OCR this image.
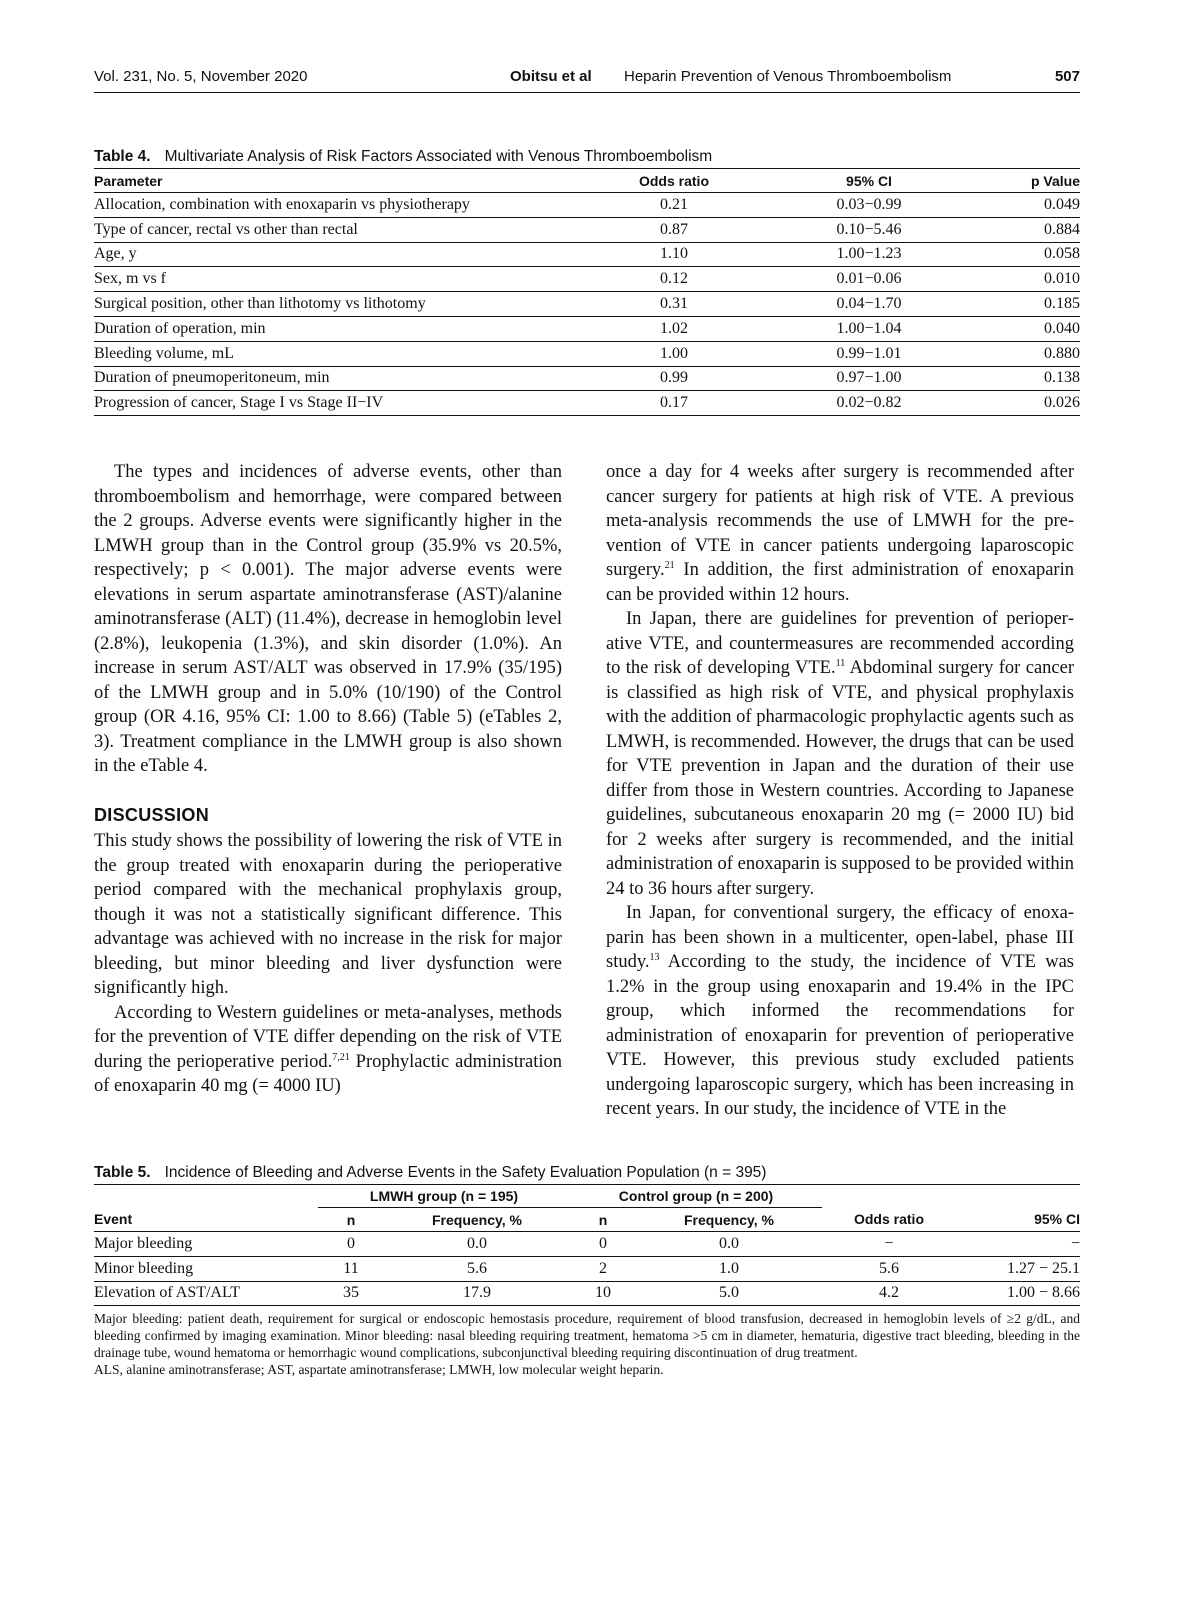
Vol. 231, No. 5, November 2020	Obitsu et al Heparin Prevention of Venous Thromboembolism	507
Table 4. Multivariate Analysis of Risk Factors Associated with Venous Thromboembolism
Parameter	Odds ratio	95% CI	p Value
Allocation, combination with enoxaparin vs physiotherapy	0.21	0.03−0.99	0.049
Type of cancer, rectal vs other than rectal	0.87	0.10−5.46	0.884
Age, y	1.10	1.00−1.23	0.058
Sex, m vs f	0.12	0.01−0.06	0.010
Surgical position, other than lithotomy vs lithotomy	0.31	0.04−1.70	0.185
Duration of operation, min	1.02	1.00−1.04	0.040
Bleeding volume, mL	1.00	0.99−1.01	0.880
Duration of pneumoperitoneum, min	0.99	0.97−1.00	0.138
Progression of cancer, Stage I vs Stage II−IV	0.17	0.02−0.82	0.026

The types and incidences of adverse events, other than thromboembolism and hemorrhage, were compared between the 2 groups. Adverse events were significantly higher in the LMWH group than in the Control group (35.9% vs 20.5%, respectively; p < 0.001). The major adverse events were elevations in serum aspartate aminotransferase (AST)/alanine aminotransferase (ALT) (11.4%), decrease in hemoglobin level (2.8%), leukopenia (1.3%), and skin disorder (1.0%). An increase in serum AST/ALT was observed in 17.9% (35/195) of the LMWH group and in 5.0% (10/190) of the Control group (OR 4.16, 95% CI: 1.00 to 8.66) (Table 5) (eTables 2, 3). Treatment compliance in the LMWH group is also shown in the eTable 4.

DISCUSSION

This study shows the possibility of lowering the risk of VTE in the group treated with enoxaparin during the perioperative period compared with the mechanical prophylaxis group, though it was not a statistically significant difference. This advantage was achieved with no increase in the risk for major bleeding, but minor bleeding and liver dysfunction were significantly high.

According to Western guidelines or meta-analyses, methods for the prevention of VTE differ depending on the risk of VTE during the perioperative period.$^{7,21}$ Prophylactic administration of enoxaparin 40 mg (= 4000 IU)

once a day for 4 weeks after surgery is recommended after cancer surgery for patients at high risk of VTE. A previous meta-analysis recommends the use of LMWH for the prevention of VTE in cancer patients undergoing laparoscopic surgery.$^{21}$ In addition, the first administration of enoxaparin can be provided within 12 hours.

In Japan, there are guidelines for prevention of perioperative VTE, and countermeasures are recommended according to the risk of developing VTE.$^{11}$ Abdominal surgery for cancer is classified as high risk of VTE, and physical prophylaxis with the addition of pharmacologic prophylactic agents such as LMWH, is recommended. However, the drugs that can be used for VTE prevention in Japan and the duration of their use differ from those in Western countries. According to Japanese guidelines, subcutaneous enoxaparin 20 mg (= 2000 IU) bid for 2 weeks after surgery is recommended, and the initial administration of enoxaparin is supposed to be provided within 24 to 36 hours after surgery.

In Japan, for conventional surgery, the efficacy of enoxaparin has been shown in a multicenter, open-label, phase III study.$^{13}$ According to the study, the incidence of VTE was 1.2% in the group using enoxaparin and 19.4% in the IPC group, which informed the recommendations for administration of enoxaparin for prevention of perioperative VTE. However, this previous study excluded patients undergoing laparoscopic surgery, which has been increasing in recent years. In our study, the incidence of VTE in the

Table 5. Incidence of Bleeding and Adverse Events in the Safety Evaluation Population (n = 395)
	LMWH group (n = 195)		Control group (n = 200)			
Event	n	Frequency, %	n	Frequency, %	Odds ratio	95% CI
Major bleeding	0	0.0	0	0.0	−	−
Minor bleeding	11	5.6	2	1.0	5.6	1.27 − 25.1
Elevation of AST/ALT	35	17.9	10	5.0	4.2	1.00 − 8.66

Major bleeding: patient death, requirement for surgical or endoscopic hemostasis procedure, requirement of blood transfusion, decreased in hemoglobin levels of ≥2 g/dL, and bleeding confirmed by imaging examination. Minor bleeding: nasal bleeding requiring treatment, hematoma >5 cm in diameter, hematuria, digestive tract bleeding, bleeding in the drainage tube, wound hematoma or hemorrhagic wound complications, subconjunctival bleeding requiring discontinuation of drug treatment.

ALS, alanine aminotransferase; AST, aspartate aminotransferase; LMWH, low molecular weight heparin.
